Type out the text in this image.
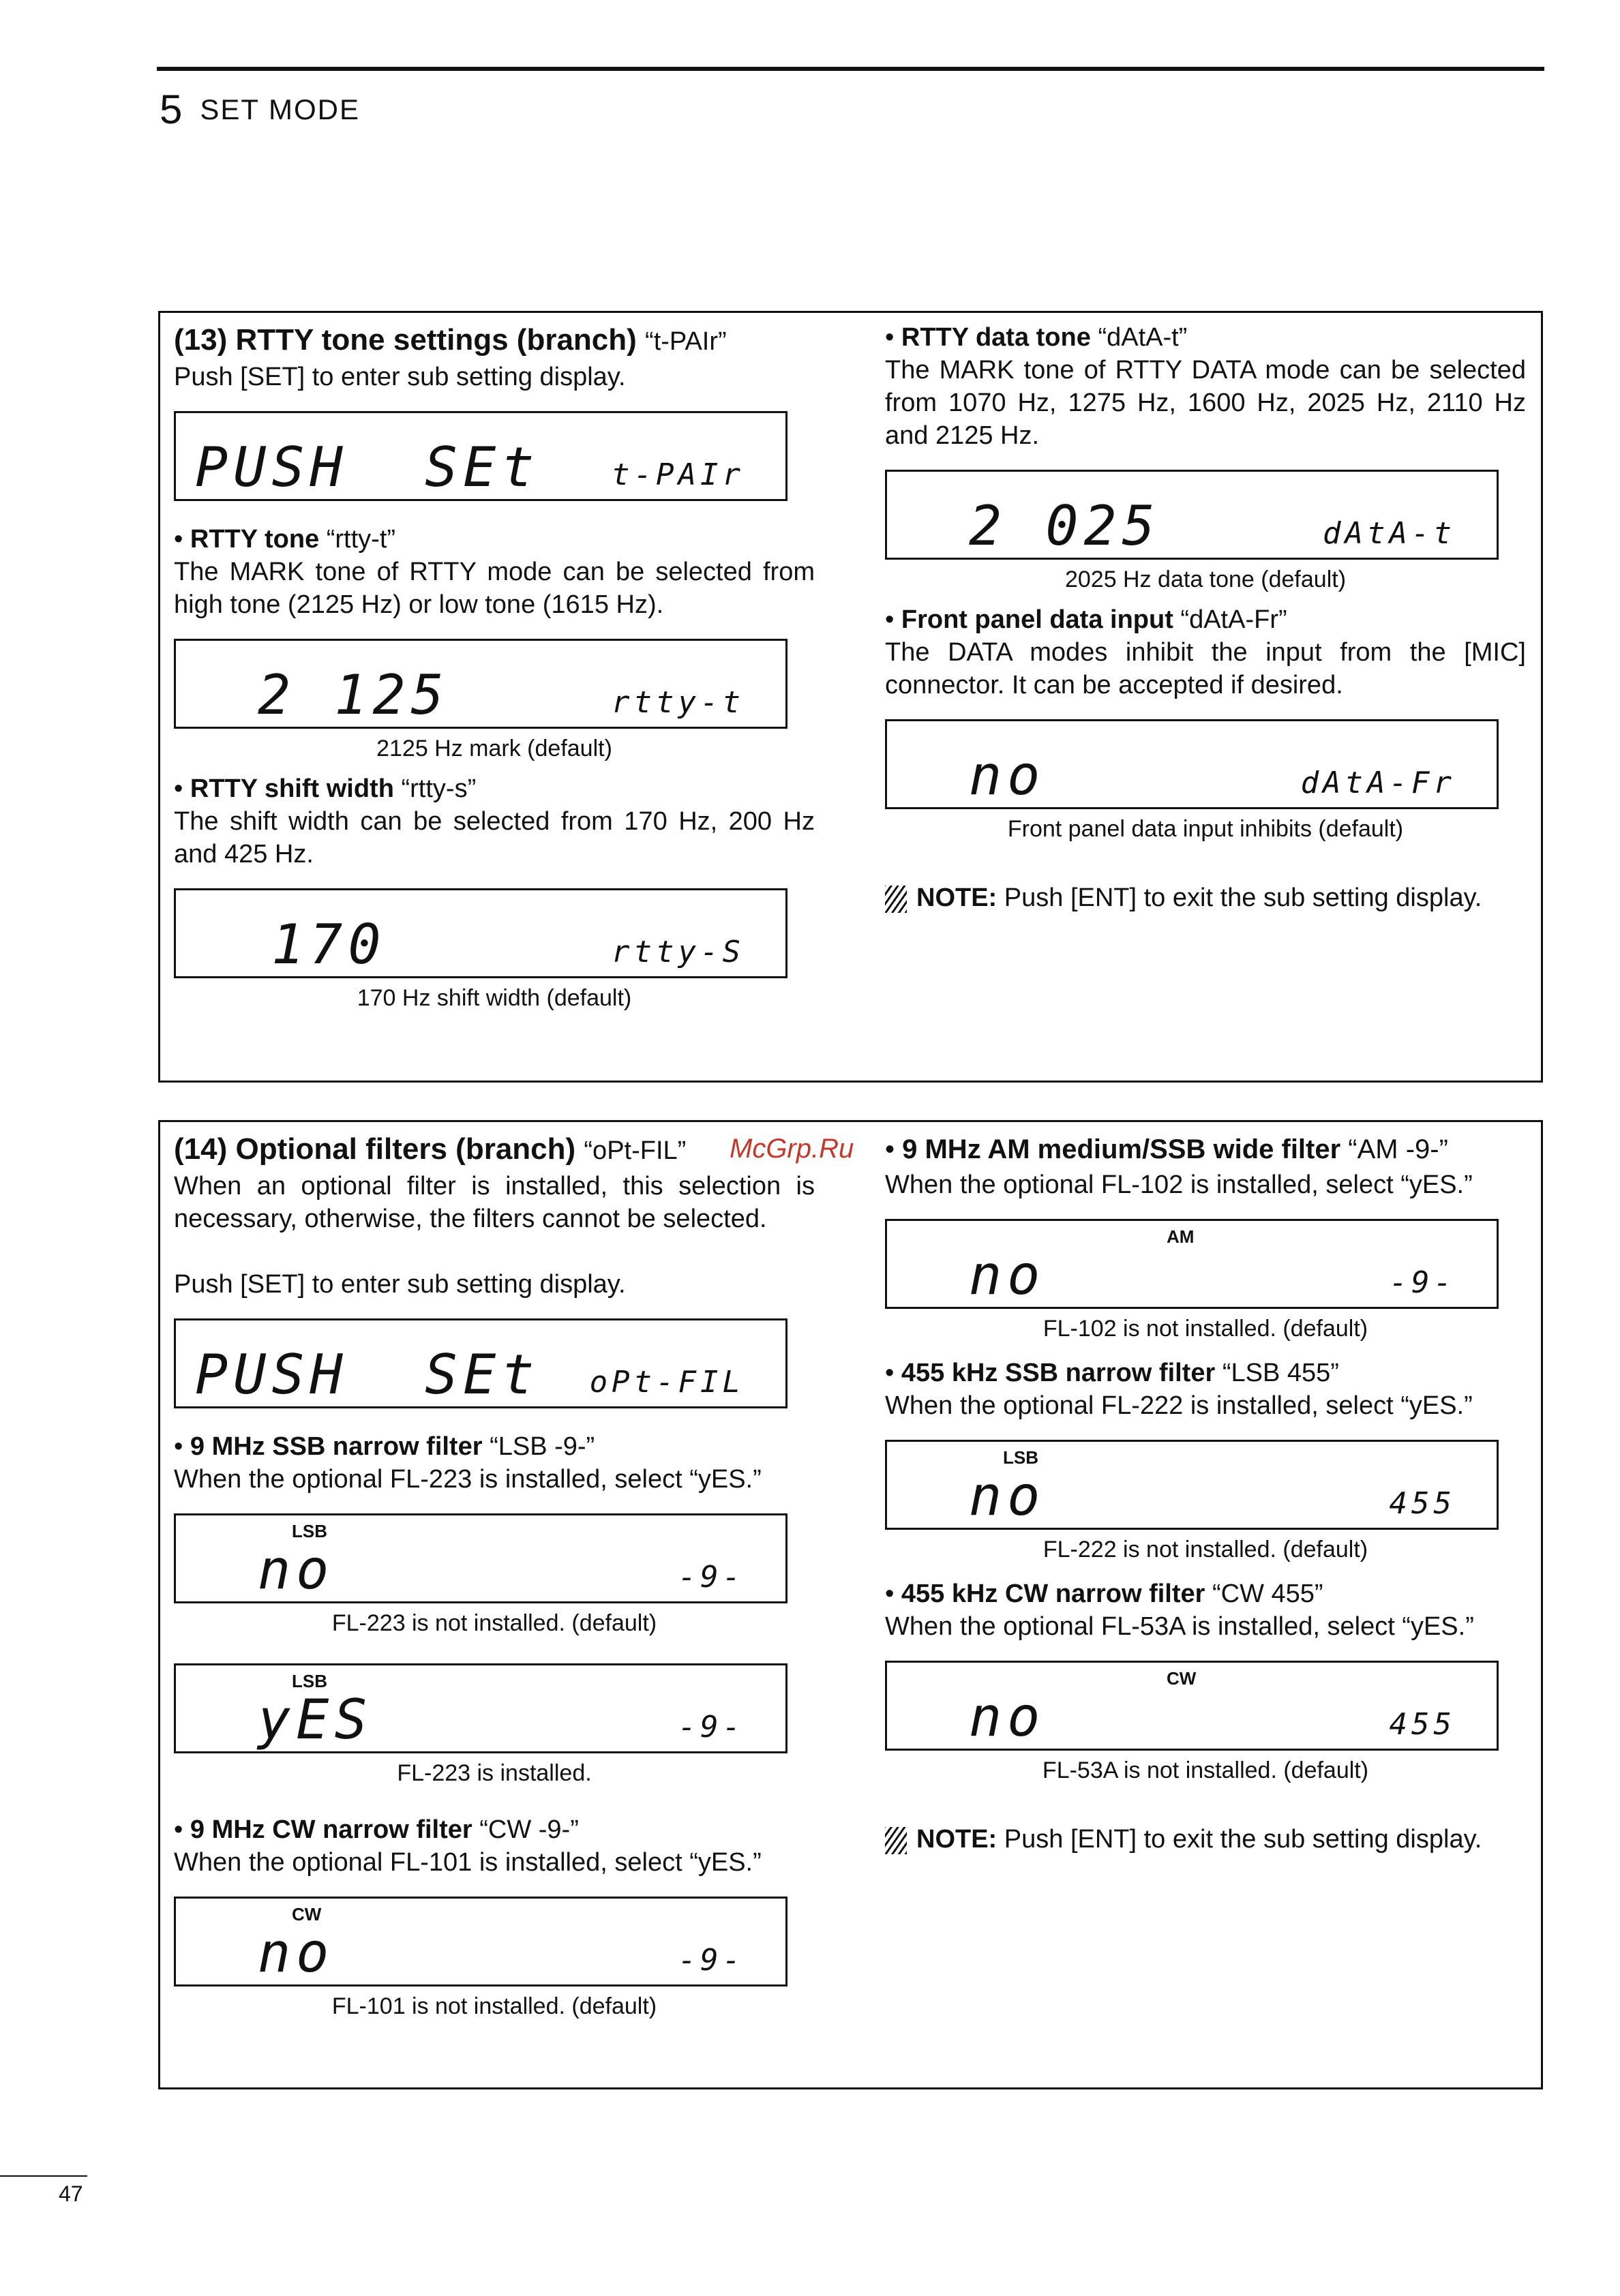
5 SET MODE
(13) RTTY tone settings (branch) “t-PAIr”
Push [SET] to enter sub setting display.
PUSH  SEt t-PAIr
• RTTY tone “rtty-t”
The MARK tone of RTTY mode can be selected from high tone (2125 Hz) or low tone (1615 Hz).
2 125	rtty-t
2125 Hz mark (default)
• RTTY shift width “rtty-s”
The shift width can be selected from 170 Hz, 200 Hz and 425 Hz.
170	rtty-S
170 Hz shift width (default)
• RTTY data tone “dAtA-t”
The MARK tone of RTTY DATA mode can be selected from 1070 Hz, 1275 Hz, 1600 Hz, 2025 Hz, 2110 Hz and 2125 Hz.
2 025	dAtA-t
2025 Hz data tone (default)
• Front panel data input “dAtA-Fr”
The DATA modes inhibit the input from the [MIC] connector. It can be accepted if desired.
no	dAtA-Fr
Front panel data input inhibits (default)
NOTE: Push [ENT] to exit the sub setting display.
(14) Optional filters (branch) “oPt-FIL”
When an optional filter is installed, this selection is necessary, otherwise, the filters cannot be selected.
Push [SET] to enter sub setting display.
PUSH  SEt oPt-FIL
• 9 MHz SSB narrow filter “LSB -9-”
When the optional FL-223 is installed, select “yES.”
LSB
no	-9-
FL-223 is not installed. (default)
LSB
yES	-9-
FL-223 is installed.
• 9 MHz CW narrow filter “CW -9-”
When the optional FL-101 is installed, select “yES.”
CW
no	-9-
FL-101 is not installed. (default)
• 9 MHz AM medium/SSB wide filter “AM -9-”
When the optional FL-102 is installed, select “yES.”
AM
no	-9-
FL-102 is not installed. (default)
• 455 kHz SSB narrow filter “LSB 455”
When the optional FL-222 is installed, select “yES.”
LSB
no	455
FL-222 is not installed. (default)
• 455 kHz CW narrow filter “CW 455”
When the optional FL-53A is installed, select “yES.”
CW
no	455
FL-53A is not installed. (default)
NOTE: Push [ENT] to exit the sub setting display.
McGrp.Ru
47
